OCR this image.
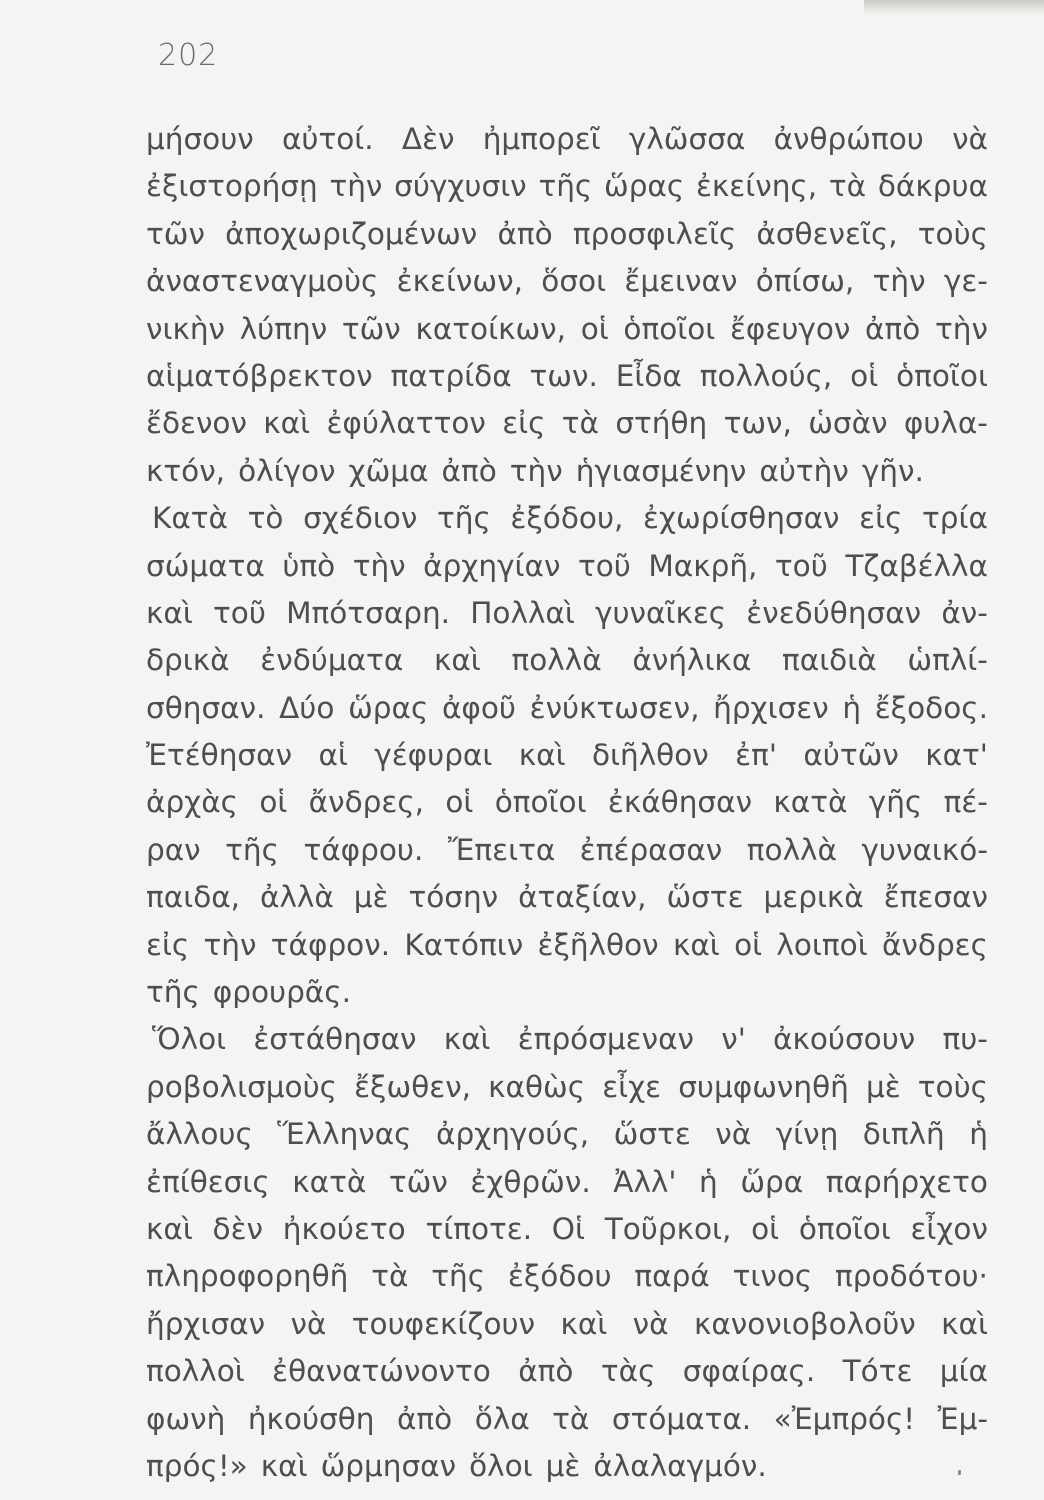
202
μήσουν αὐτοί. Δὲν ἠμπορεῖ γλῶσσα ἀνθρώπου νὰ
ἐξιστορήσῃ τὴν σύγχυσιν τῆς ὥρας ἐκείνης, τὰ δάκρυα
τῶν ἀποχωριζομένων ἀπὸ προσφιλεῖς ἀσθενεῖς, τοὺς
ἀναστεναγμοὺς ἐκείνων, ὅσοι ἔμειναν ὀπίσω, τὴν γε-
νικὴν λύπην τῶν κατοίκων, οἱ ὁποῖοι ἔφευγον ἀπὸ τὴν
αἱματόβρεκτον πατρίδα των. Εἶδα πολλούς, οἱ ὁποῖοι
ἔδενον καὶ ἐφύλαττον εἰς τὰ στήθη των, ὡσὰν φυλα-
κτόν, ὀλίγον χῶμα ἀπὸ τὴν ἡγιασμένην αὐτὴν γῆν.
Κατὰ τὸ σχέδιον τῆς ἐξόδου, ἐχωρίσθησαν εἰς τρία
σώματα ὑπὸ τὴν ἀρχηγίαν τοῦ Μακρῆ, τοῦ Τζαβέλλα
καὶ τοῦ Μπότσαρη. Πολλαὶ γυναῖκες ἐνεδύθησαν ἀν-
δρικὰ ἐνδύματα καὶ πολλὰ ἀνήλικα παιδιὰ ὡπλί-
σθησαν. Δύο ὥρας ἀφοῦ ἐνύκτωσεν, ἤρχισεν ἡ ἔξοδος.
Ἐτέθησαν αἱ γέφυραι καὶ διῆλθον ἐπ' αὐτῶν κατ'
ἀρχὰς οἱ ἄνδρες, οἱ ὁποῖοι ἐκάθησαν κατὰ γῆς πέ-
ραν τῆς τάφρου. Ἔπειτα ἐπέρασαν πολλὰ γυναικό-
παιδα, ἀλλὰ μὲ τόσην ἀταξίαν, ὥστε μερικὰ ἔπεσαν
εἰς τὴν τάφρον. Κατόπιν ἐξῆλθον καὶ οἱ λοιποὶ ἄνδρες
τῆς φρουρᾶς.
Ὅλοι ἐστάθησαν καὶ ἐπρόσμεναν ν' ἀκούσουν πυ-
ροβολισμοὺς ἔξωθεν, καθὼς εἶχε συμφωνηθῆ μὲ τοὺς
ἄλλους Ἕλληνας ἀρχηγούς, ὥστε νὰ γίνῃ διπλῆ ἡ
ἐπίθεσις κατὰ τῶν ἐχθρῶν. Ἀλλ' ἡ ὥρα παρήρχετο
καὶ δὲν ἠκούετο τίποτε. Οἱ Τοῦρκοι, οἱ ὁποῖοι εἶχον
πληροφορηθῆ τὰ τῆς ἐξόδου παρά τινος προδότου·
ἤρχισαν νὰ τουφεκίζουν καὶ νὰ κανονιοβολοῦν καὶ
πολλοὶ ἐθανατώνοντο ἀπὸ τὰς σφαίρας. Τότε μία
φωνὴ ἠκούσθη ἀπὸ ὅλα τὰ στόματα. «Ἐμπρός! Ἐμ-
πρός!» καὶ ὥρμησαν ὅλοι μὲ ἀλαλαγμόν.
